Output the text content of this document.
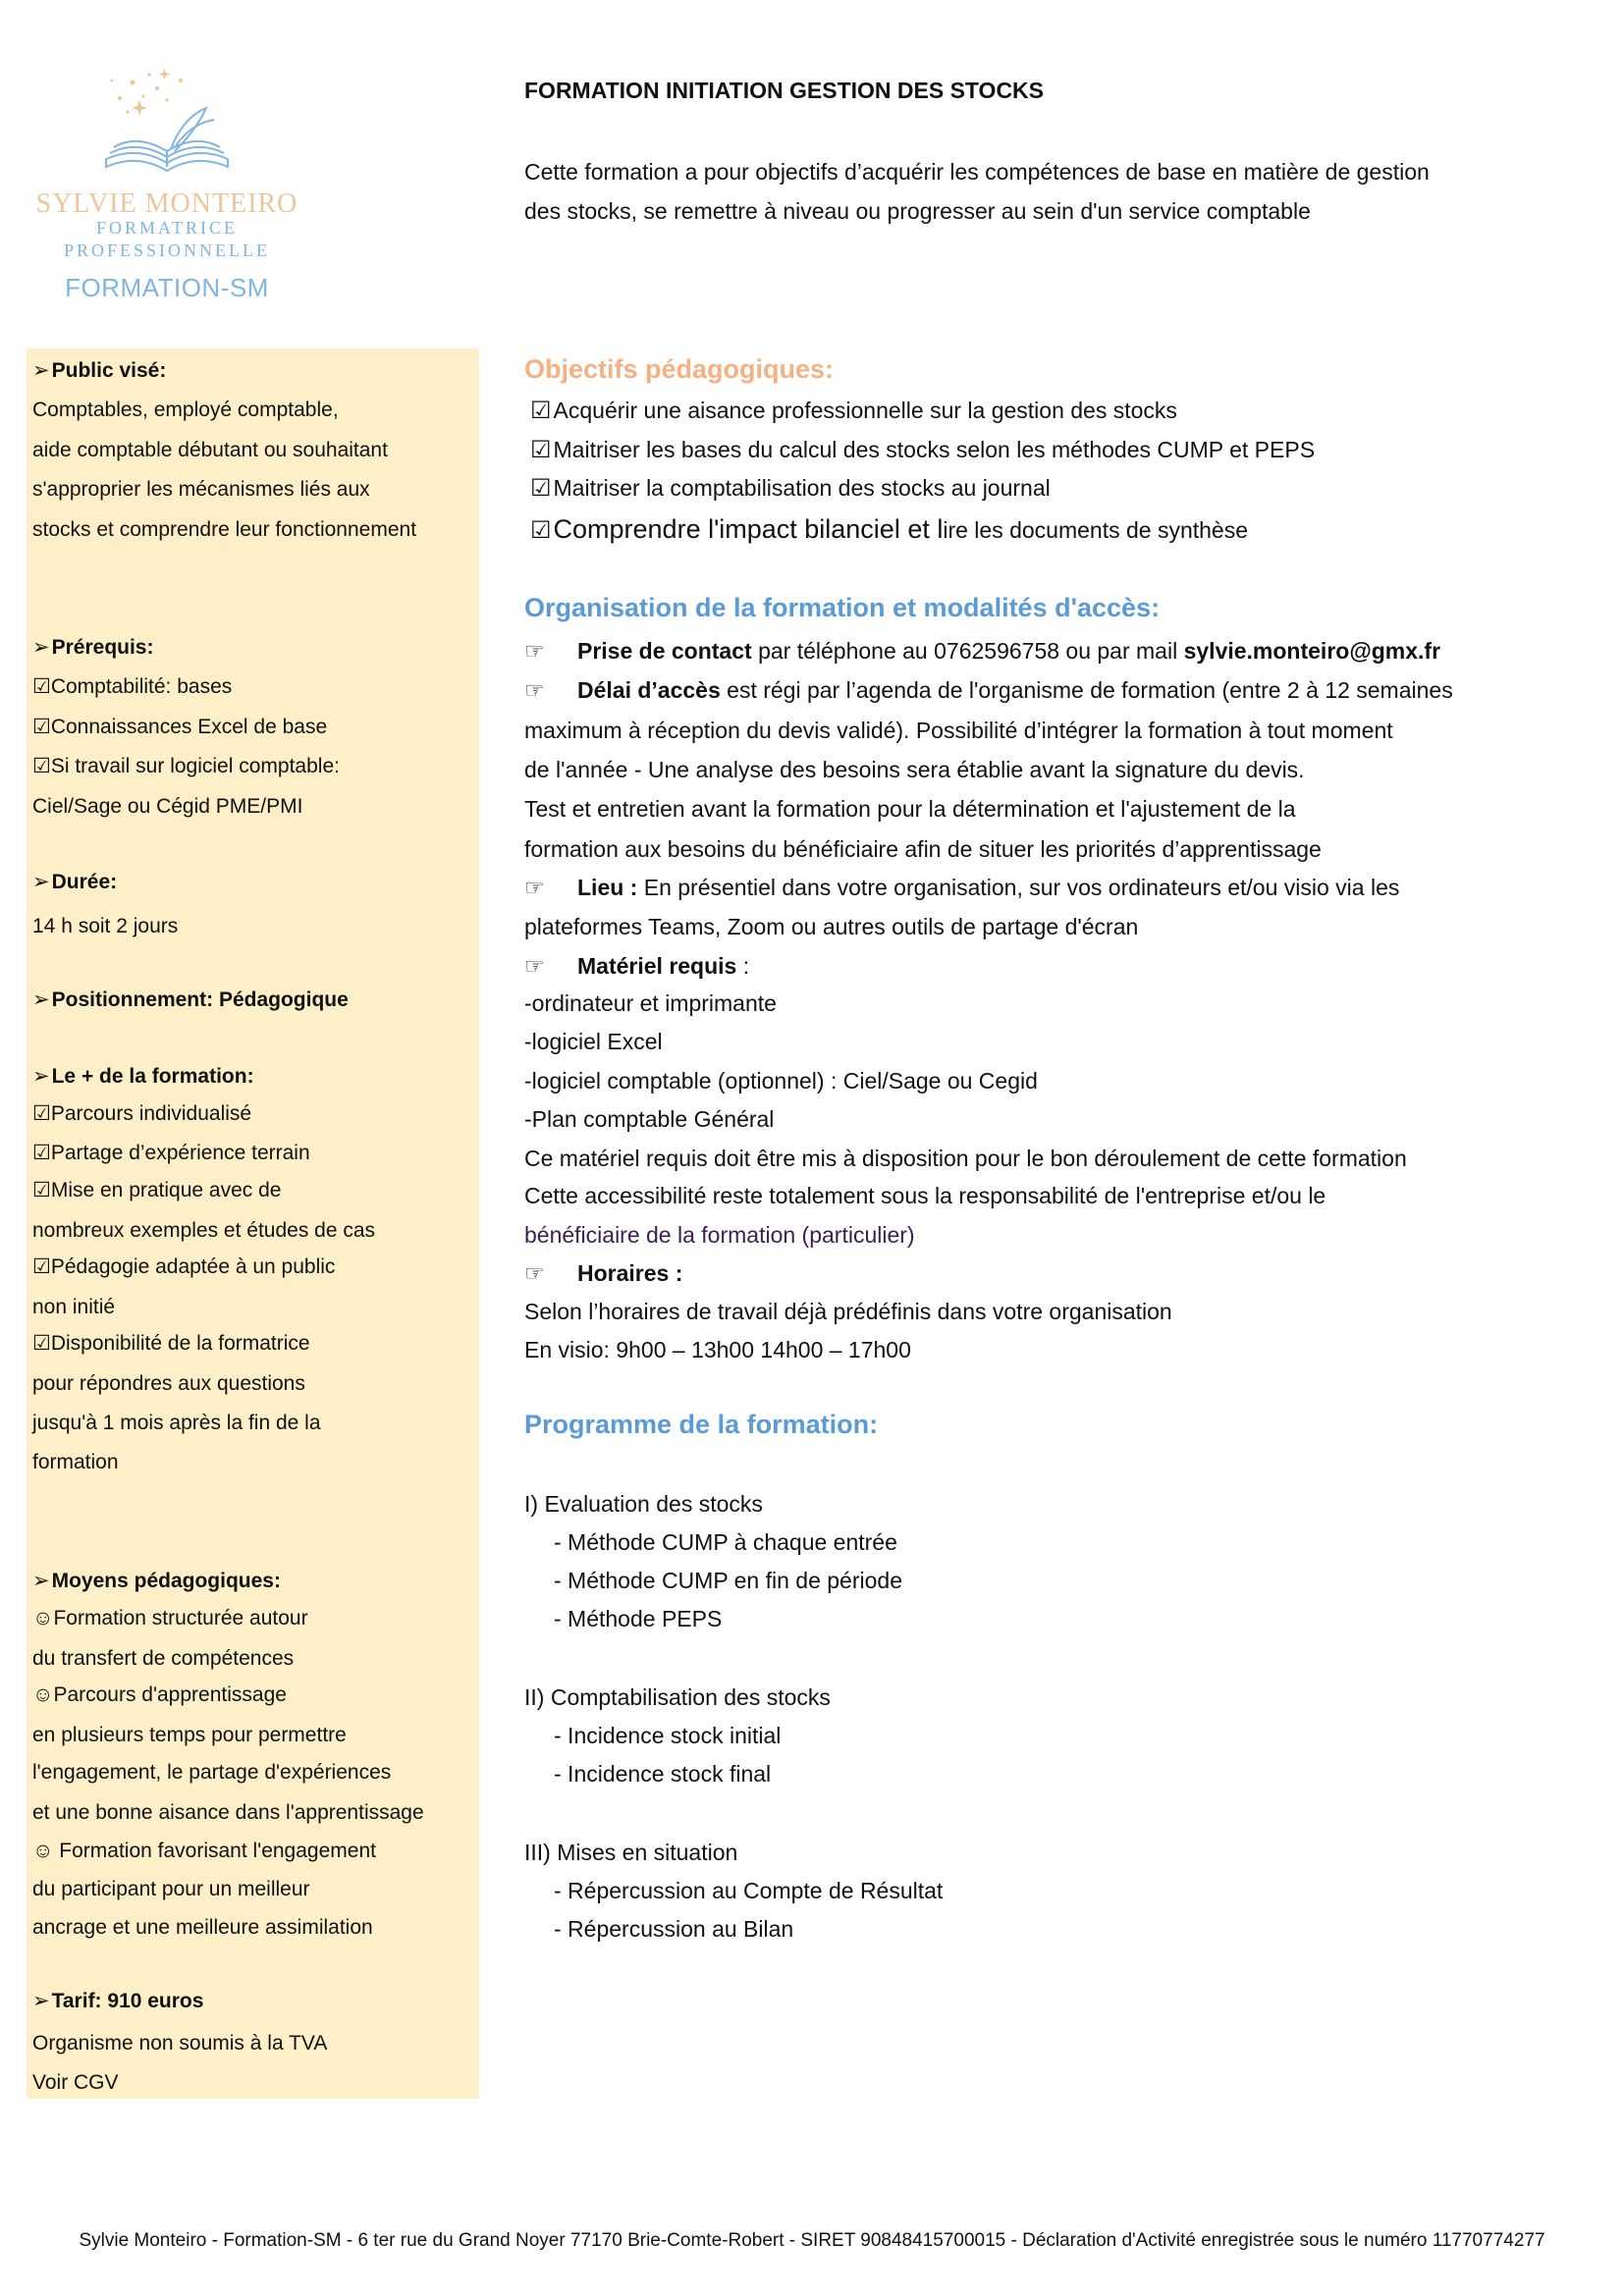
SYLVIE MONTEIRO
FORMATRICE
PROFESSIONNELLE
FORMATION-SM
FORMATION INITIATION GESTION DES STOCKS
Cette formation a pour objectifs d’acquérir les compétences de base en matière de gestion
des stocks, se remettre à niveau ou progresser au sein d'un service comptable
➢Public visé:
Comptables, employé comptable,
aide comptable débutant ou souhaitant
s'approprier les mécanismes liés aux
stocks et comprendre leur fonctionnement
➢Prérequis:
☑Comptabilité: bases
☑Connaissances Excel de base
☑Si travail sur logiciel comptable:
Ciel/Sage ou Cégid PME/PMI
➢Durée:
14 h soit 2 jours
➢Positionnement: Pédagogique
➢Le + de la formation:
☑Parcours individualisé
☑Partage d’expérience terrain
☑Mise en pratique avec de
nombreux exemples et études de cas
☑Pédagogie adaptée à un public
non initié
☑Disponibilité de la formatrice
pour répondres aux questions
jusqu'à 1 mois après la fin de la
formation
➢Moyens pédagogiques:
☺Formation structurée autour
du transfert de compétences
☺Parcours d'apprentissage
en plusieurs temps pour permettre
l'engagement, le partage d'expériences
et une bonne aisance dans l'apprentissage
☺ Formation favorisant l'engagement
du participant pour un meilleur
ancrage et une meilleure assimilation
➢Tarif: 910 euros
Organisme non soumis à la TVA
Voir CGV
Objectifs pédagogiques:
☑Acquérir une aisance professionnelle sur la gestion des stocks
☑Maitriser les bases du calcul des stocks selon les méthodes CUMP et PEPS
☑Maitriser la comptabilisation des stocks au journal
☑Comprendre l'impact bilanciel et lire les documents de synthèse
Organisation de la formation et modalités d'accès:
☞ Prise de contact par téléphone au 0762596758 ou par mail sylvie.monteiro@gmx.fr
☞ Délai d’accès est régi par l’agenda de l'organisme de formation (entre 2 à 12 semaines
maximum à réception du devis validé). Possibilité d’intégrer la formation à tout moment
de l'année - Une analyse des besoins sera établie avant la signature du devis.
Test et entretien avant la formation pour la détermination et l'ajustement de la
formation aux besoins du bénéficiaire afin de situer les priorités d’apprentissage
☞ Lieu : En présentiel dans votre organisation, sur vos ordinateurs et/ou visio via les
plateformes Teams, Zoom ou autres outils de partage d'écran
☞ Matériel requis :
-ordinateur et imprimante
-logiciel Excel
-logiciel comptable (optionnel) : Ciel/Sage ou Cegid
-Plan comptable Général
Ce matériel requis doit être mis à disposition pour le bon déroulement de cette formation
Cette accessibilité reste totalement sous la responsabilité de l'entreprise et/ou le
bénéficiaire de la formation (particulier)
☞ Horaires :
Selon l’horaires de travail déjà prédéfinis dans votre organisation
En visio: 9h00 – 13h00 14h00 – 17h00
Programme de la formation:
I) Evaluation des stocks
- Méthode CUMP à chaque entrée
- Méthode CUMP en fin de période
- Méthode PEPS
II) Comptabilisation des stocks
- Incidence stock initial
- Incidence stock final
III) Mises en situation
- Répercussion au Compte de Résultat
- Répercussion au Bilan
Sylvie Monteiro - Formation-SM - 6 ter rue du Grand Noyer 77170 Brie-Comte-Robert - SIRET 90848415700015 - Déclaration d'Activité enregistrée sous le numéro 11770774277
